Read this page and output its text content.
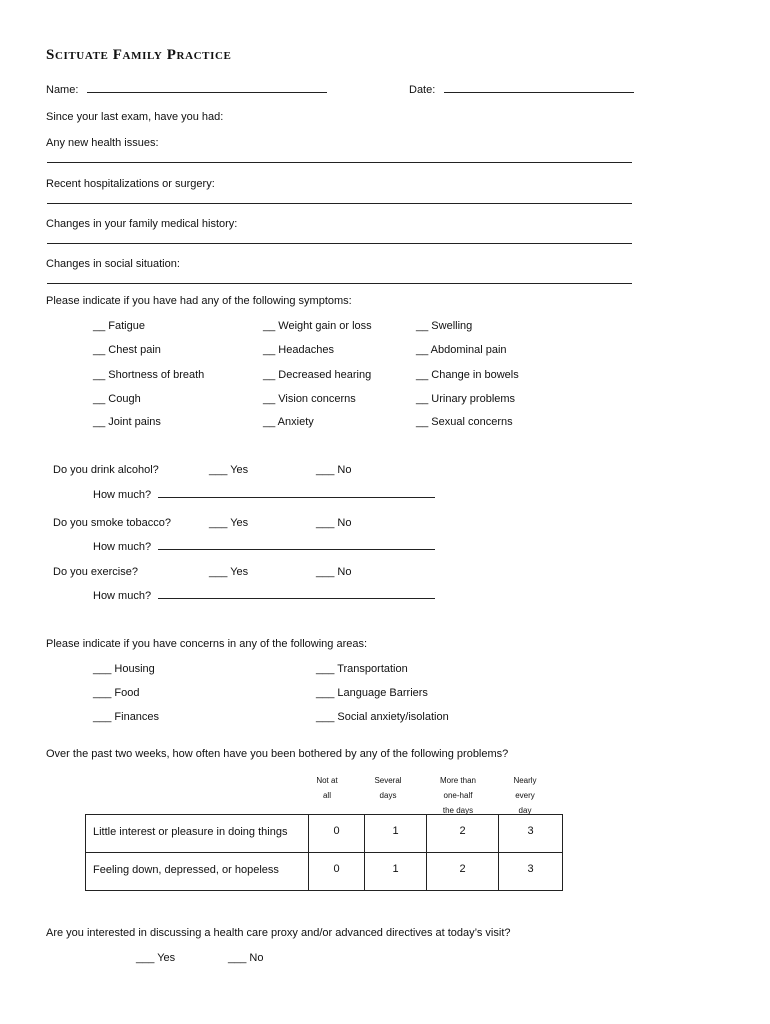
Scituate Family Practice
Name:	Date:
Since your last exam, have you had:
Any new health issues:
Recent hospitalizations or surgery:
Changes in your family medical history:
Changes in social situation:
Please indicate if you have had any of the following symptoms:
__ Fatigue
__ Chest pain
__ Shortness of breath
__ Cough
__ Joint pains
__ Weight gain or loss
__ Headaches
__ Decreased hearing
__ Vision concerns
__ Anxiety
__ Swelling
__ Abdominal pain
__ Change in bowels
__ Urinary problems
__ Sexual concerns
Do you drink alcohol?	___ Yes	___ No
How much?
Do you smoke tobacco?	___ Yes	___ No
How much?
Do you exercise?	___ Yes	___ No
How much?
Please indicate if you have concerns in any of the following areas:
___ Housing
___ Food
___ Finances
___ Transportation
___ Language Barriers
___ Social anxiety/isolation
Over the past two weeks, how often have you been bothered by any of the following problems?
Not at
all
Several
days
More than
one-half
the days
Nearly
every
day
Little interest or pleasure in doing things	0	1	2	3
Feeling down, depressed, or hopeless	0	1	2	3
Are you interested in discussing a health care proxy and/or advanced directives at today’s visit?
___ Yes	___ No
